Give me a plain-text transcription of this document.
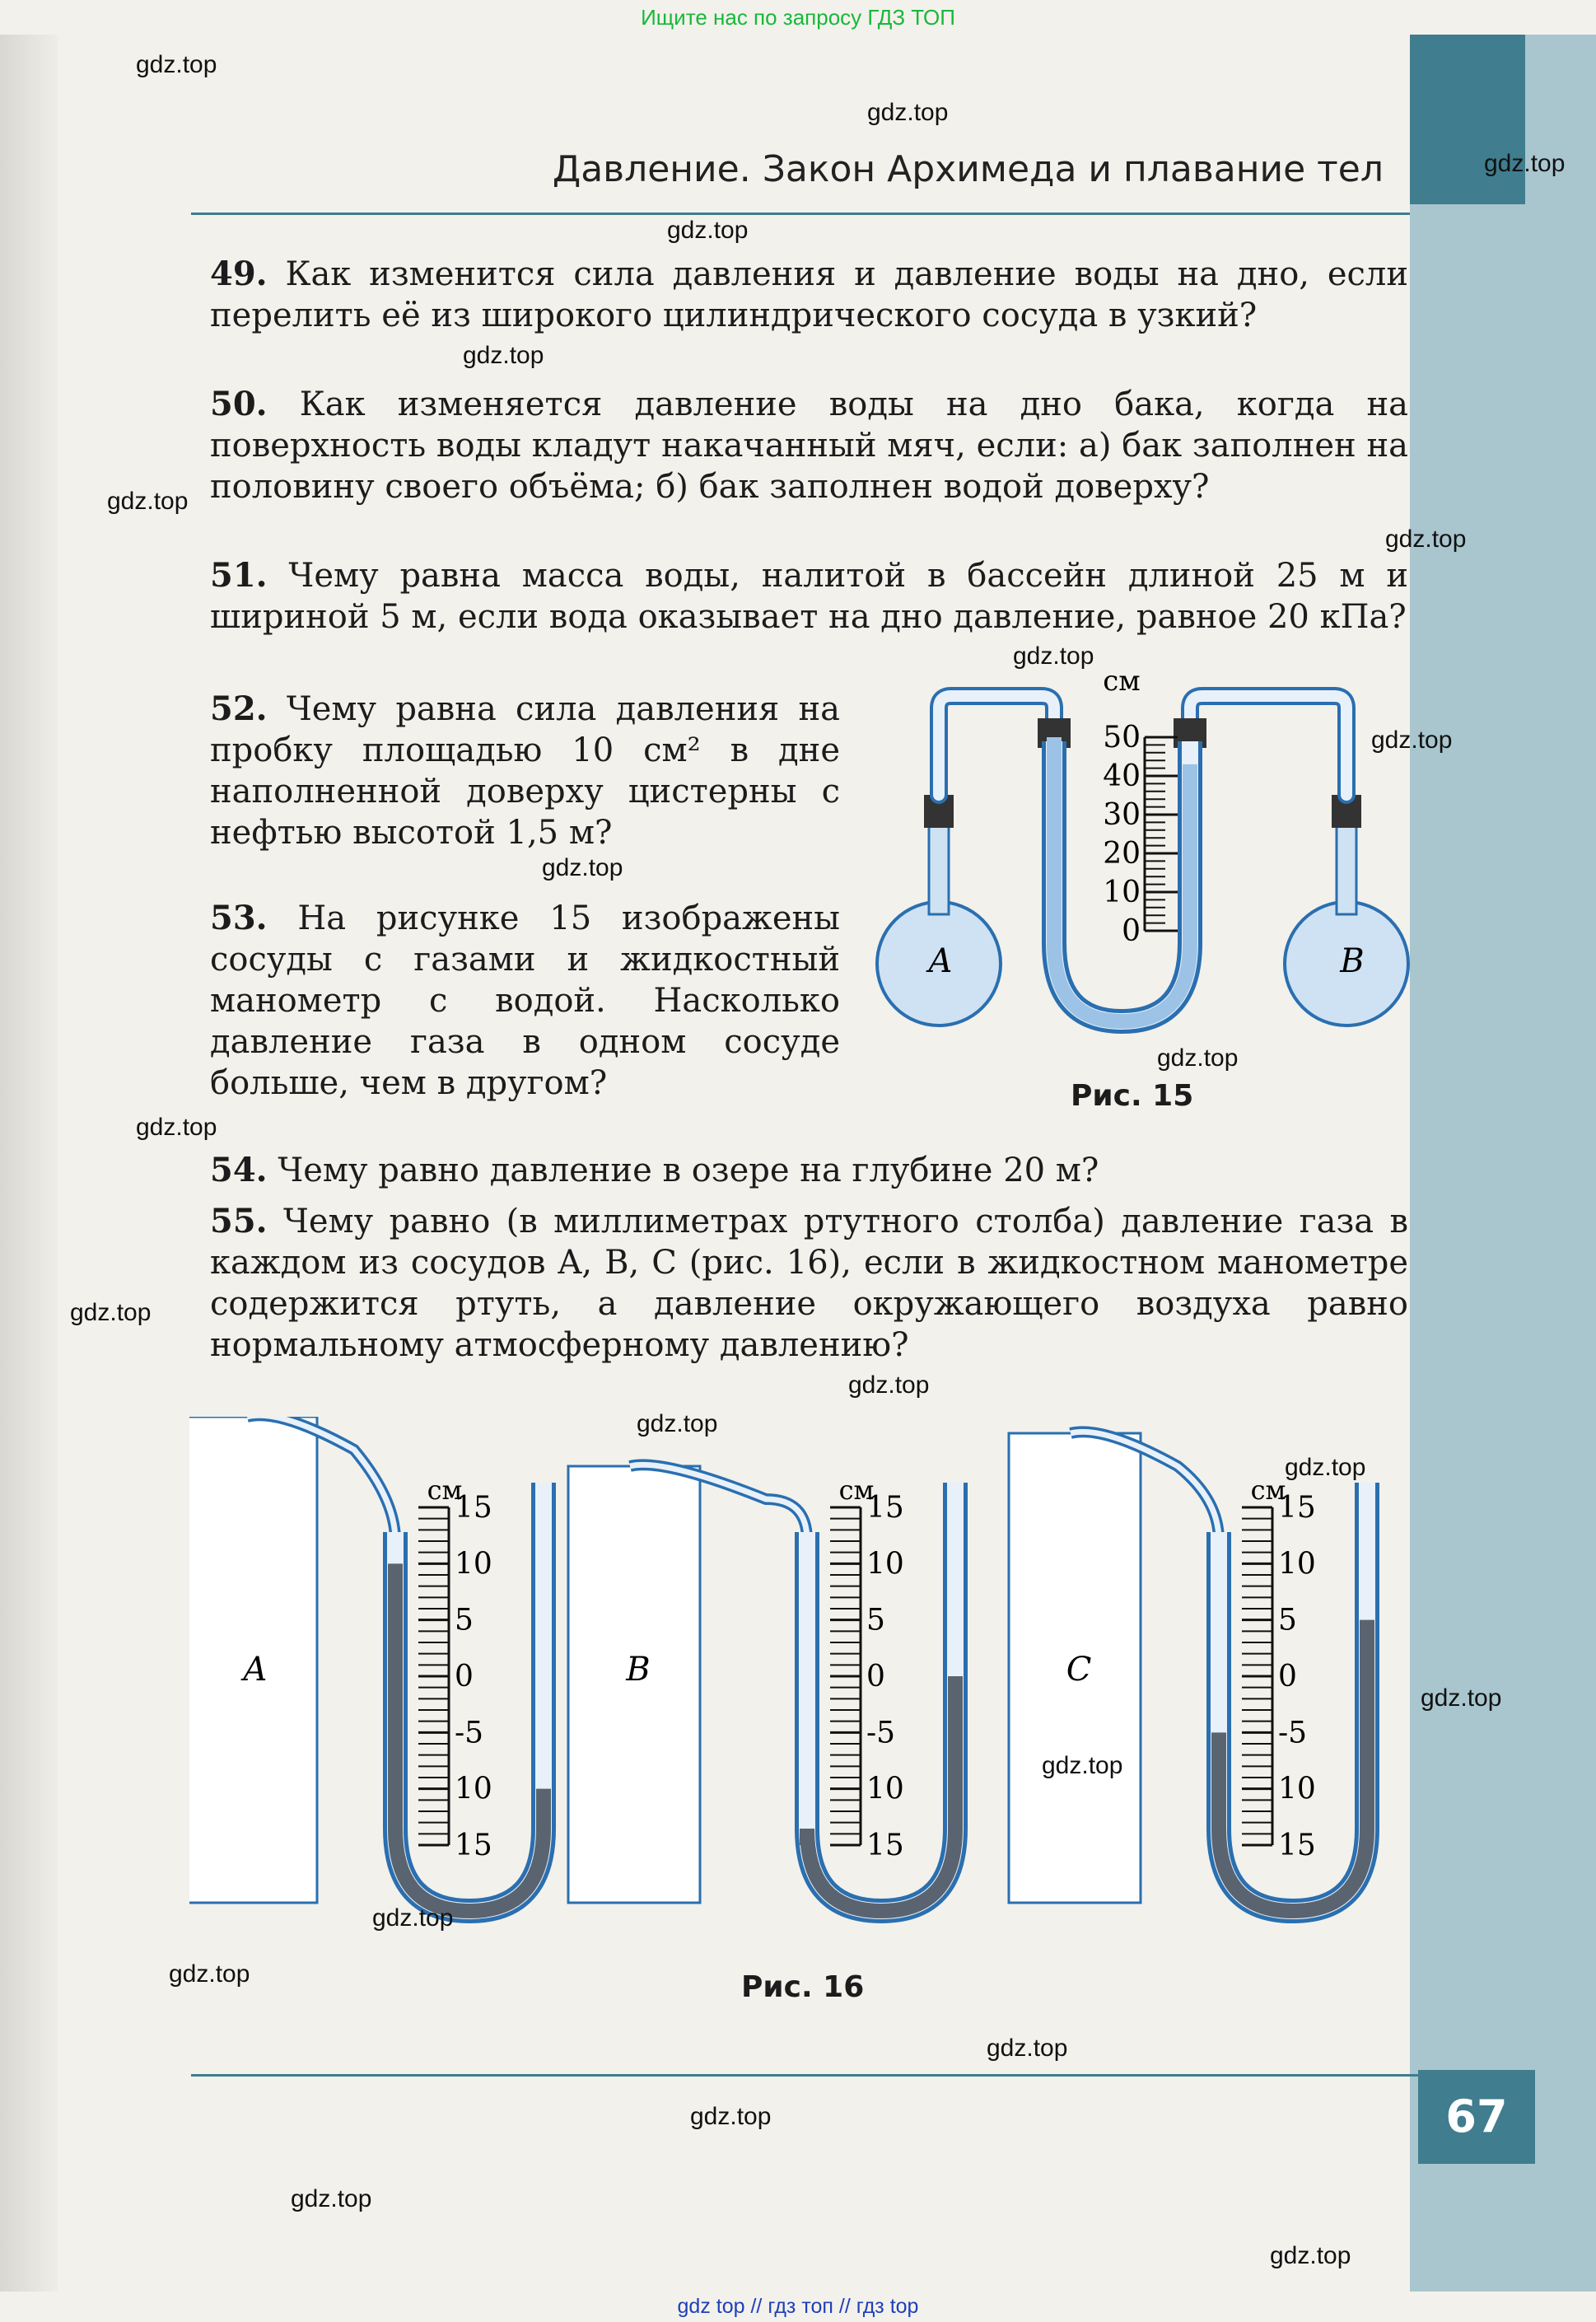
Ищите нас по запросу ГДЗ ТОП
Давление. Закон Архимеда и плавание тел
49. Как изменится сила давления и давление воды на дно, если перелить её из широкого цилиндрического сосуда в узкий?
50. Как изменяется давление воды на дно бака, когда на поверхность воды кладут накачанный мяч, если: а) бак заполнен на половину своего объёма; б) бак заполнен водой доверху?
51. Чему равна масса воды, налитой в бассейн длиной 25 м и шириной 5 м, если вода оказывает на дно давление, равное 20 кПа?
52. Чему равна сила давления на пробку площадью 10 см² в дне наполненной доверху цистерны с нефтью высотой 1,5 м?
53. На рисунке 15 изображены сосуды с газами и жидкостный манометр с водой. Насколько давление газа в одном сосуде больше, чем в другом?
54. Чему равно давление в озере на глубине 20 м?
55. Чему равно (в миллиметрах ртутного столба) давление газа в каждом из сосудов A, B, C (рис. 16), если в жидкостном манометре содержится ртуть, а давление окружающего воздуха равно нормальному атмосферному давлению?
см
50
40
30
20
10
0
A	B
Рис. 15
A
см
15
10
5
0
-5
10
15
B
см
15
10
5
0
-5
10
15
C
см
15
10
5
0
-5
10
15
Рис. 16
67
gdz.top
gdz.top
gdz.top
gdz.top
gdz.top
gdz.top
gdz.top
gdz.top
gdz.top
gdz.top
gdz.top
gdz.top
gdz.top
gdz.top
gdz.top
gdz.top
gdz.top
gdz.top
gdz.top
gdz.top
gdz.top
gdz.top
gdz.top
gdz.top
gdz top // гдз топ // гдз top
